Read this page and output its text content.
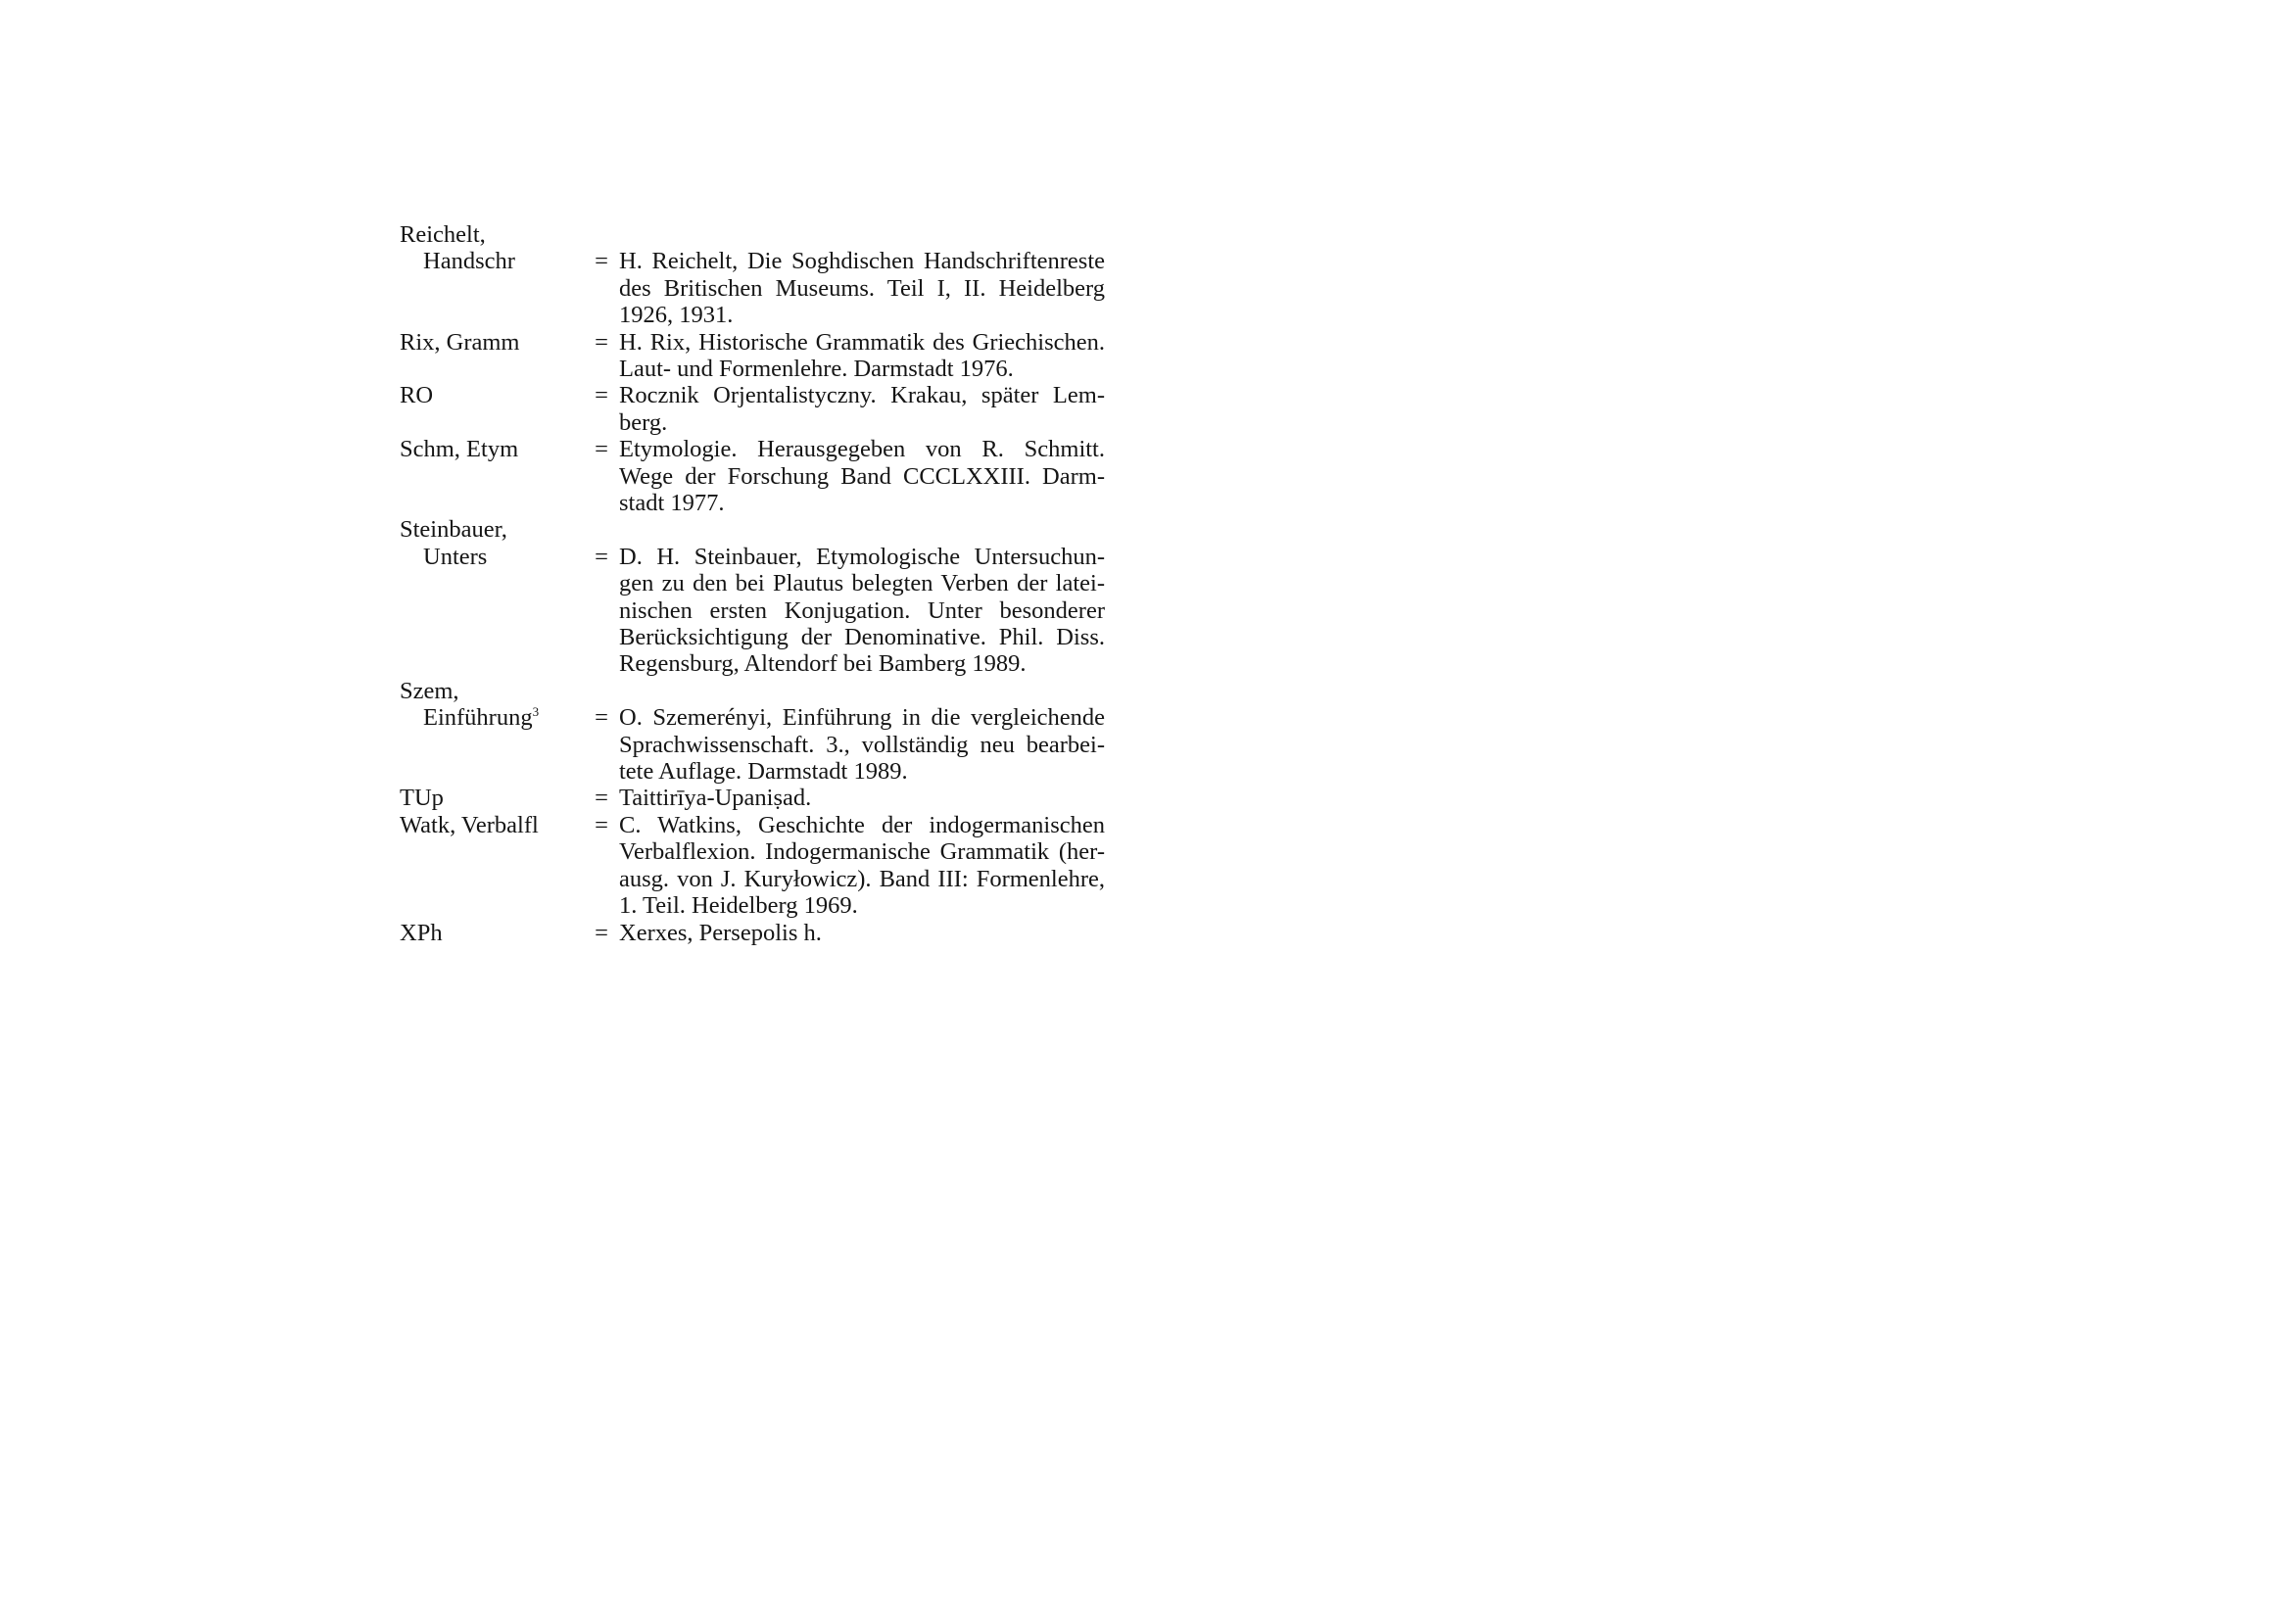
Reichelt,
Handschr	= H. Reichelt, Die Soghdischen Handschriftenreste
des Britischen Museums. Teil I, II. Heidelberg
1926, 1931.
Rix, Gramm	= H. Rix, Historische Grammatik des Griechischen.
Laut- und Formenlehre. Darmstadt 1976.
RO	= Rocznik Orjentalistyczny. Krakau, später Lem-
berg.
Schm, Etym	= Etymologie. Herausgegeben von R. Schmitt.
Wege der Forschung Band CCCLXXIII. Darm-
stadt 1977.
Steinbauer,
Unters	= D. H. Steinbauer, Etymologische Untersuchun-
gen zu den bei Plautus belegten Verben der latei-
nischen ersten Konjugation. Unter besonderer
Berücksichtigung der Denominative. Phil. Diss.
Regensburg, Altendorf bei Bamberg 1989.
Szem,
Einführung$^3$	= O. Szemerényi, Einführung in die vergleichende
Sprachwissenschaft. 3., vollständig neu bearbei-
tete Auflage. Darmstadt 1989.
TUp	= Taittirīya-Upaniṣad.
Watk, Verbalfl	= C. Watkins, Geschichte der indogermanischen
Verbalflexion. Indogermanische Grammatik (her-
ausg. von J. Kuryłowicz). Band III: Formenlehre,
1. Teil. Heidelberg 1969.
XPh	= Xerxes, Persepolis h.
